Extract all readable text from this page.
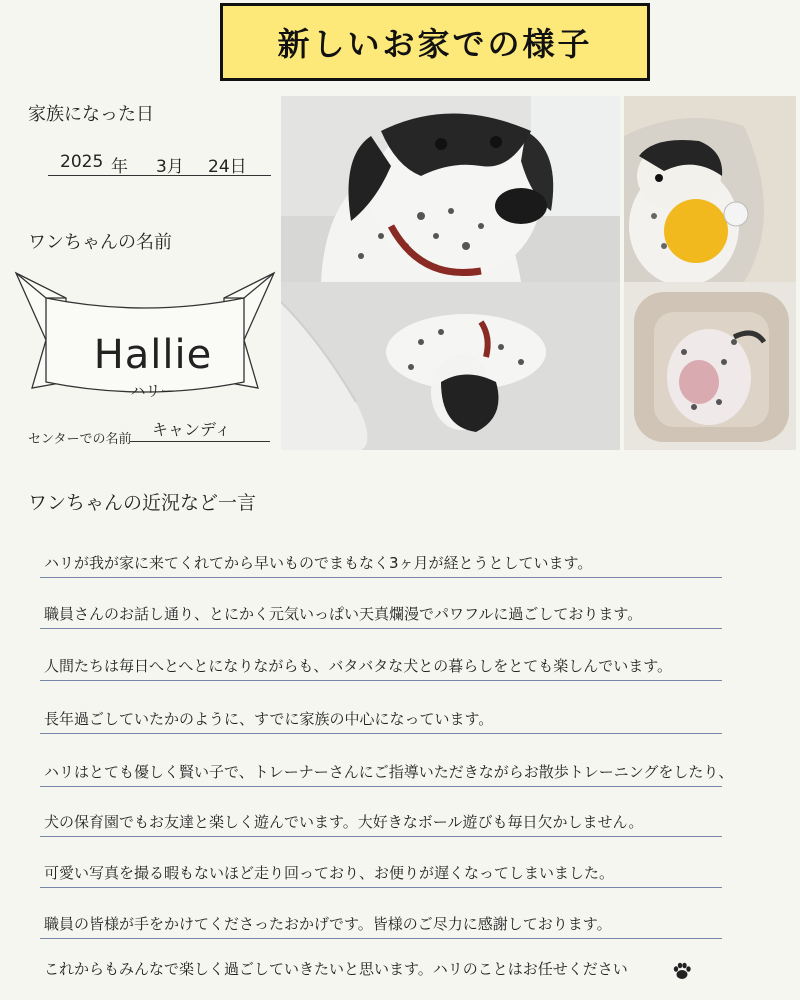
新しいお家での様子
家族になった日
2025 年 3月 24日
ワンちゃんの名前
Hallie
ハリー
センターでの名前
キャンディ
ワンちゃんの近況など一言
ハリが我が家に来てくれてから早いものでまもなく3ヶ月が経とうとしています。
職員さんのお話し通り、とにかく元気いっぱい天真爛漫でパワフルに過ごしております。
人間たちは毎日へとへとになりながらも、バタバタな犬との暮らしをとても楽しんでいます。
長年過ごしていたかのように、すでに家族の中心になっています。
ハリはとても優しく賢い子で、トレーナーさんにご指導いただきながらお散歩トレーニングをしたり、
犬の保育園でもお友達と楽しく遊んでいます。大好きなボール遊びも毎日欠かしません。
可愛い写真を撮る暇もないほど走り回っており、お便りが遅くなってしまいました。
職員の皆様が手をかけてくださったおかげです。皆様のご尽力に感謝しております。
これからもみんなで楽しく過ごしていきたいと思います。ハリのことはお任せください
